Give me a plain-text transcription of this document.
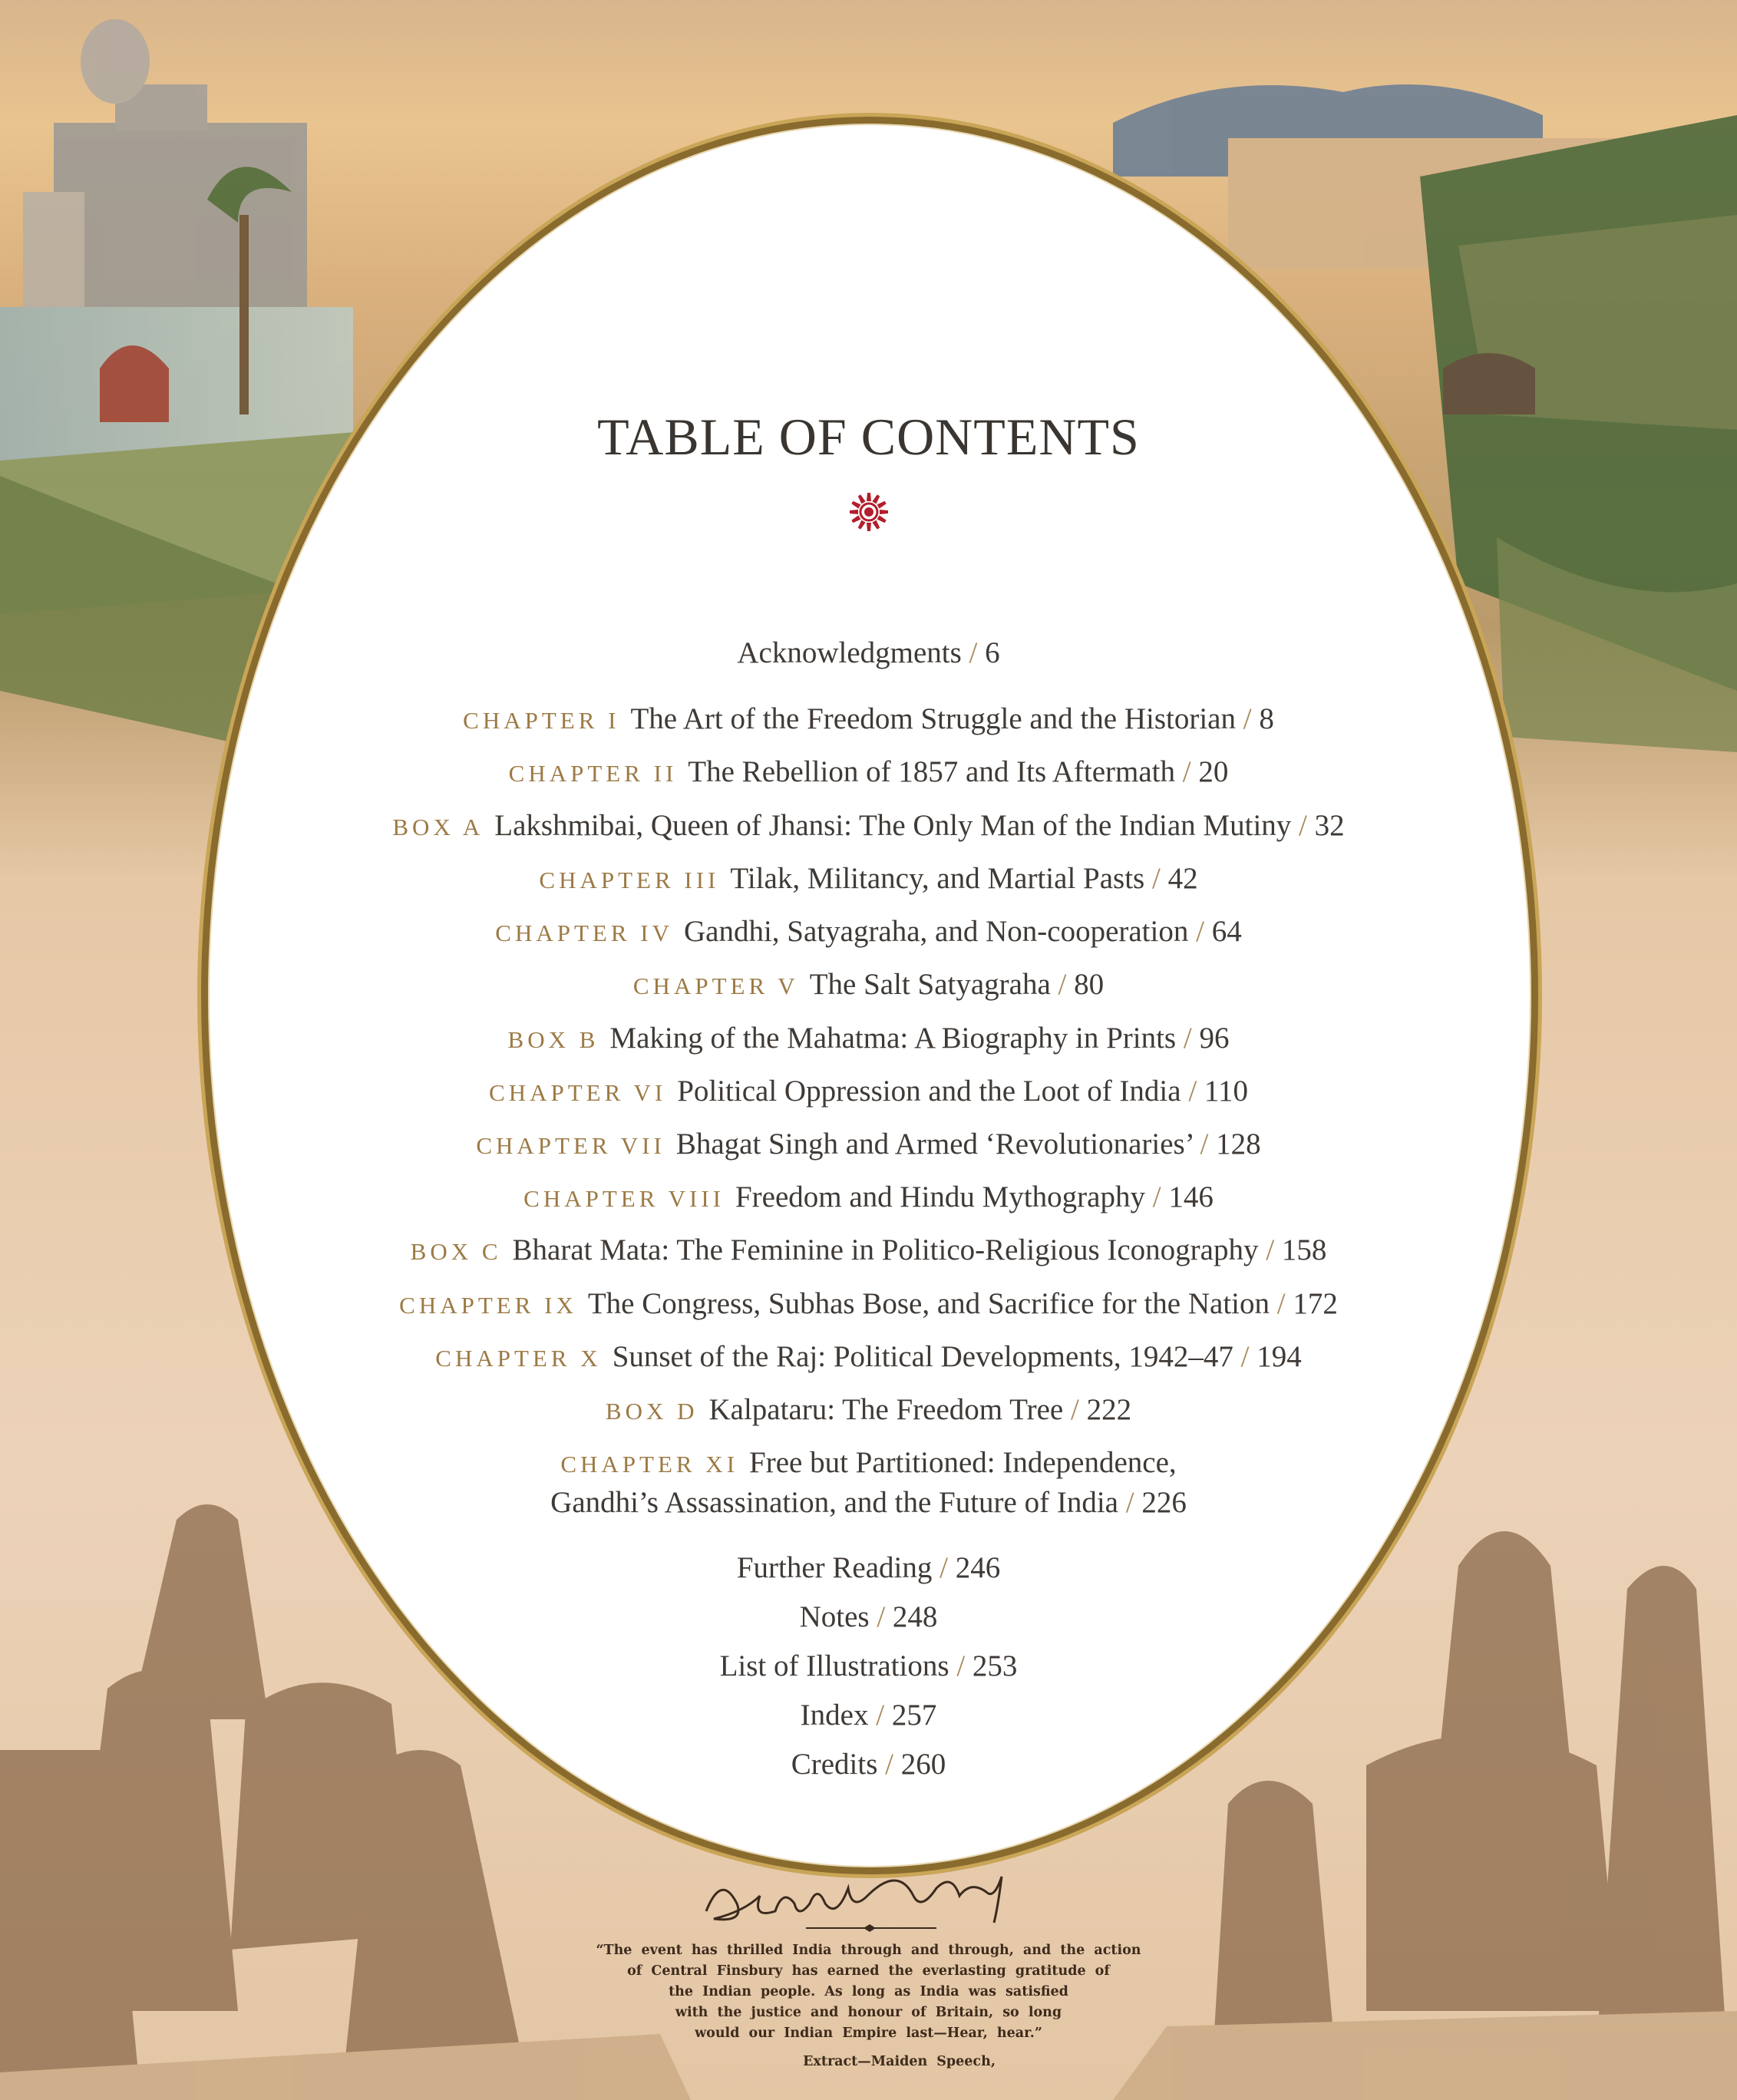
TABLE OF CONTENTS
Acknowledgments / 6
CHAPTER I The Art of the Freedom Struggle and the Historian / 8
CHAPTER II The Rebellion of 1857 and Its Aftermath / 20
BOX A Lakshmibai, Queen of Jhansi: The Only Man of the Indian Mutiny / 32
CHAPTER III Tilak, Militancy, and Martial Pasts / 42
CHAPTER IV Gandhi, Satyagraha, and Non-cooperation / 64
CHAPTER V The Salt Satyagraha / 80
BOX B Making of the Mahatma: A Biography in Prints / 96
CHAPTER VI Political Oppression and the Loot of India / 110
CHAPTER VII Bhagat Singh and Armed ‘Revolutionaries’ / 128
CHAPTER VIII Freedom and Hindu Mythography / 146
BOX C Bharat Mata: The Feminine in Politico-Religious Iconography / 158
CHAPTER IX The Congress, Subhas Bose, and Sacrifice for the Nation / 172
CHAPTER X Sunset of the Raj: Political Developments, 1942–47 / 194
BOX D Kalpataru: The Freedom Tree / 222
CHAPTER XI Free but Partitioned: Independence,
Gandhi’s Assassination, and the Future of India / 226
Further Reading / 246
Notes / 248
List of Illustrations / 253
Index / 257
Credits / 260
“The event has thrilled India through and through, and the action
of Central Finsbury has earned the everlasting gratitude of
the Indian people. As long as India was satisfied
with the justice and honour of Britain, so long
would our Indian Empire last—Hear, hear.”
Extract—Maiden Speech,
